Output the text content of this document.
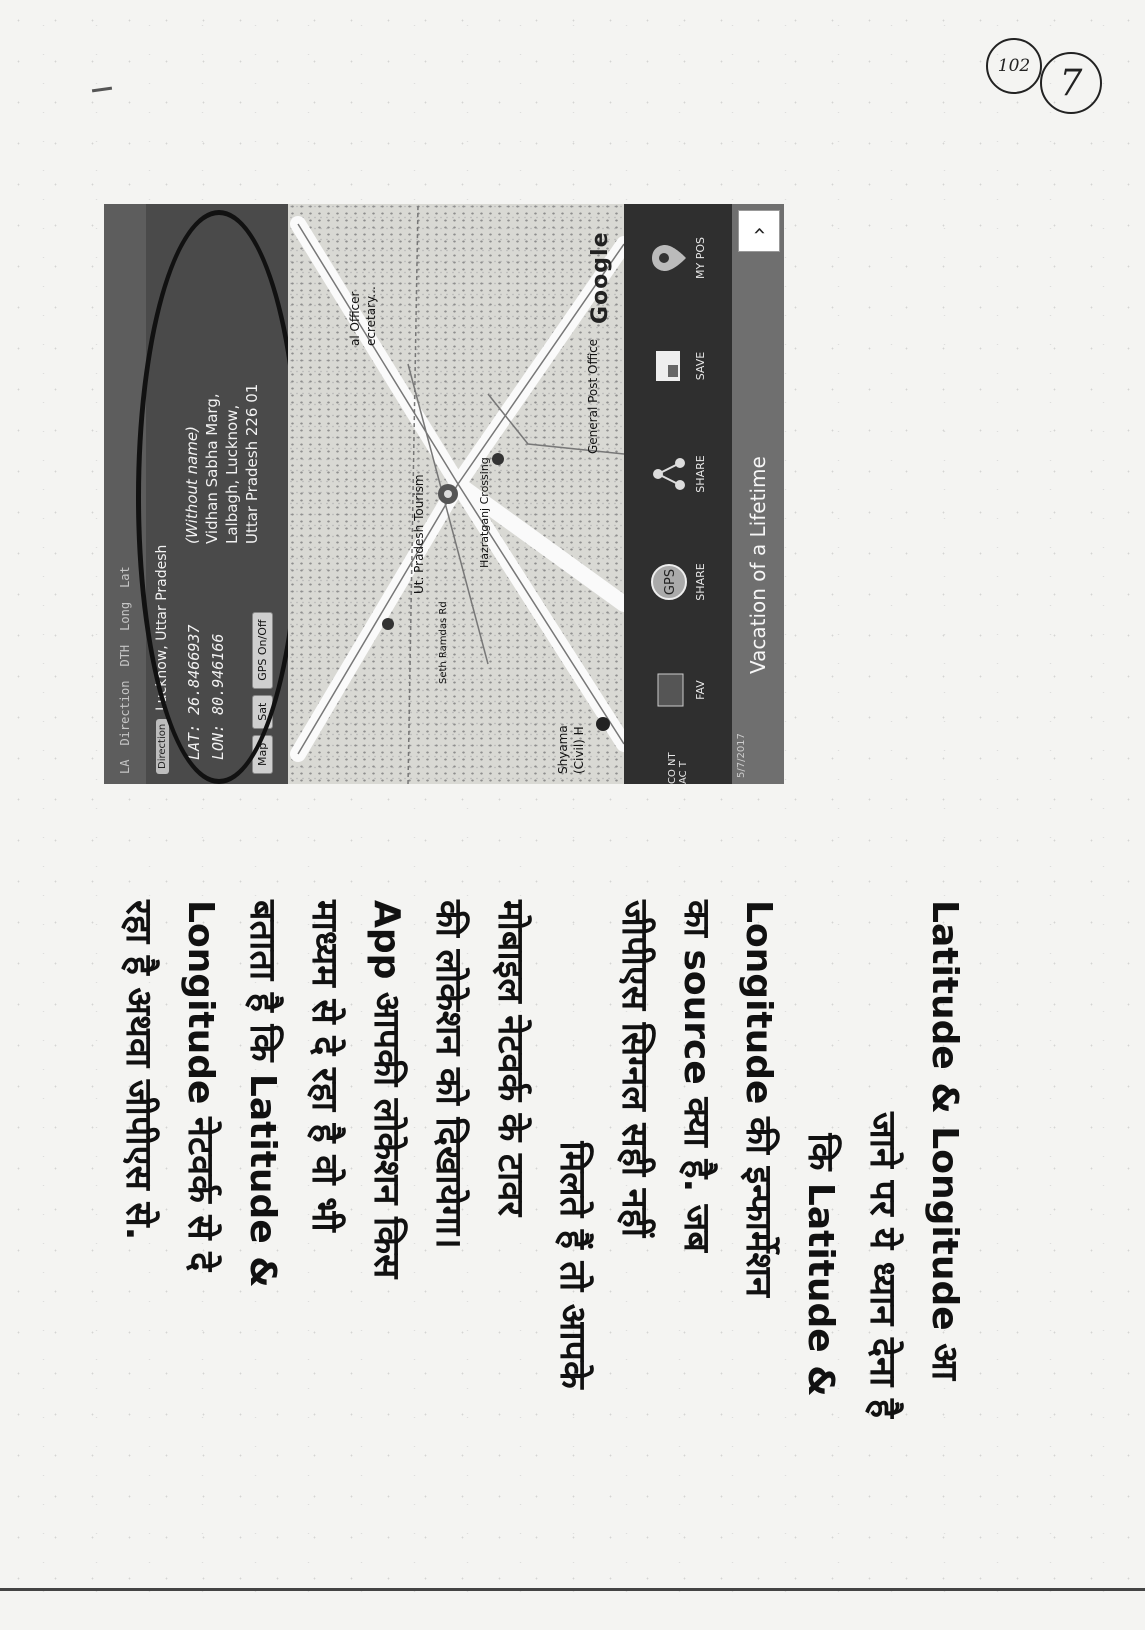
102 7
LA
Direction
DTH
Long
Lat
Direction
Lucknow, Uttar Pradesh LAT: 26.8466937 LON: 80.946166
(Without name) Vidhan Sabha Marg, Lalbagh, Lucknow, Uttar Pradesh 226 01
Map
Sat
GPS On/Off
al Officer ecretary...
Hazratganj Crossing
Ut. Pradesh Tourism
Seth Ramdas Rd
General Post Office
Shyama (Civil) H
Google
CO NT AC T
FAV
GPS SHARE
SHARE
SAVE
MY POS
5/7/2017
Vacation of a Lifetime
›
Latitude & Longitude आ
जाने पर ये ध्यान देना है
कि Latitude &
Longitude की इन्फार्मेशन
का source क्या है. जब
जीपीएस सिग्नल सही नहीं
मिलते हैं तो आपके
मोबाइल नेटवर्क के टावर
की लोकेशन को दिखायेगा।
App आपकी लोकेशन किस
माध्यम से दे रहा है वो भी
बताता है कि Latitude &
Longitude नेटवर्क से दे
रहा है अथवा जीपीएस से.
